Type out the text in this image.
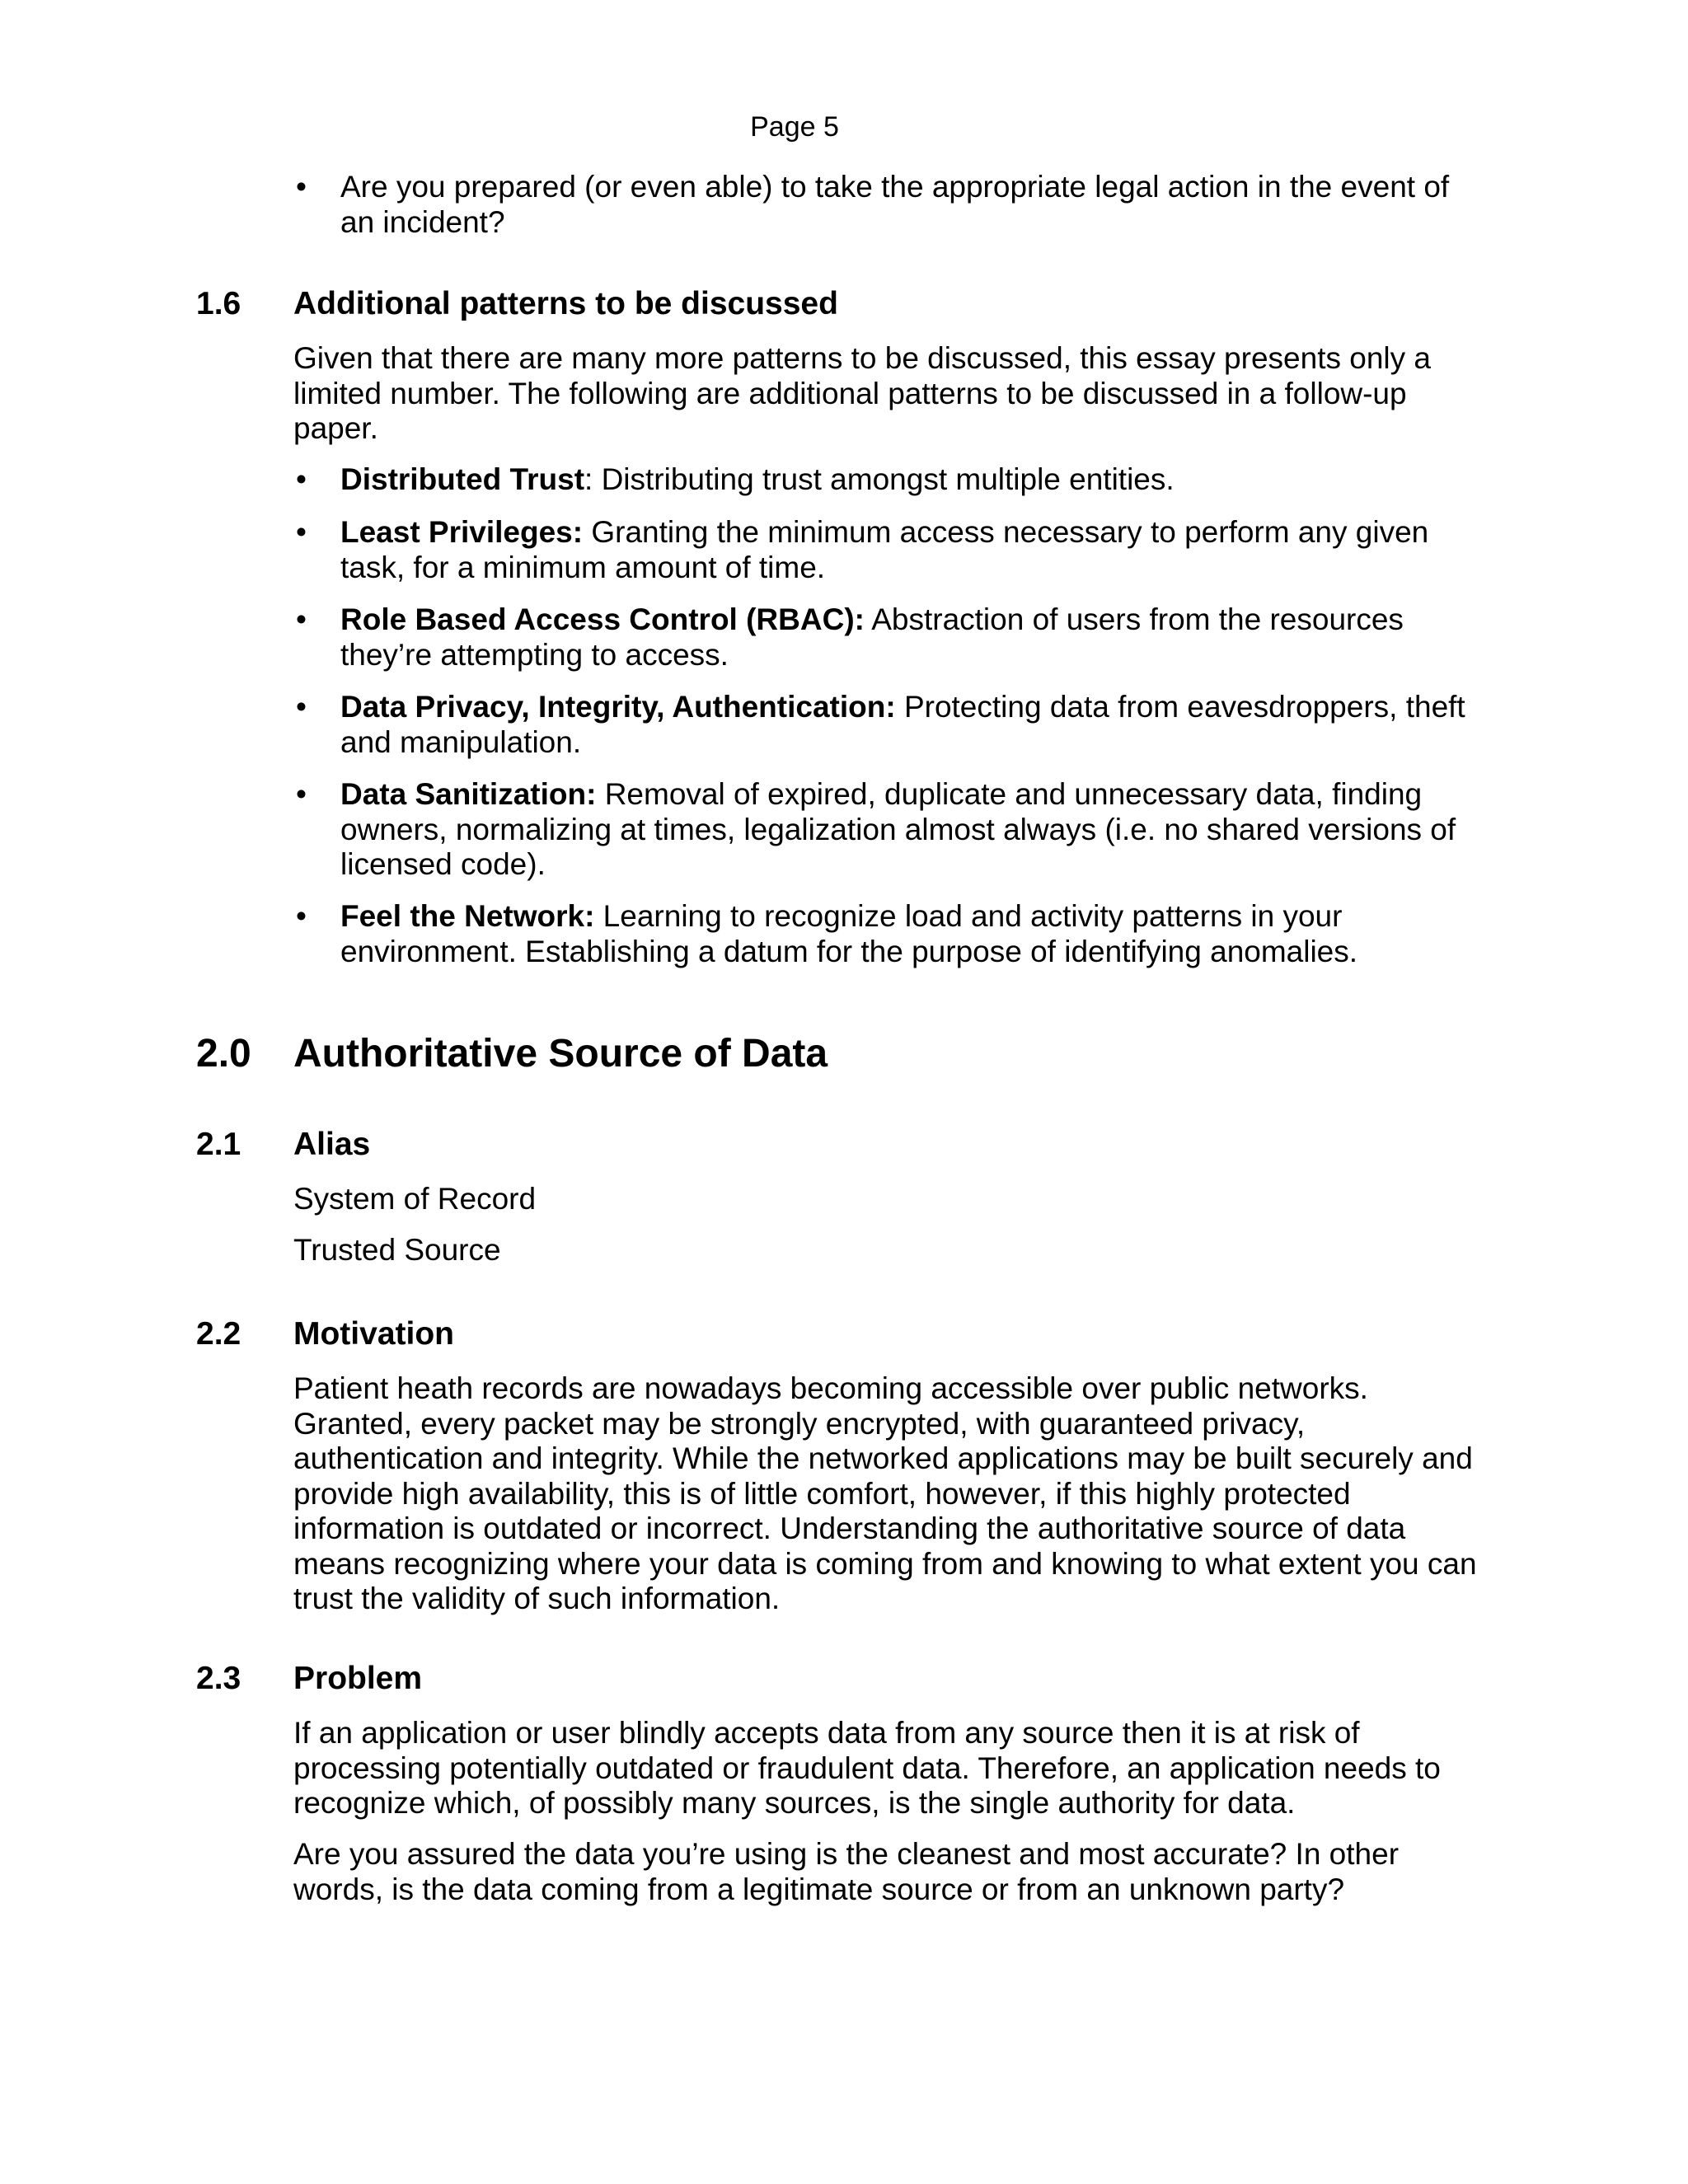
Page 5
• Are you prepared (or even able) to take the appropriate legal action in the event of an incident?
1.6 Additional patterns to be discussed
Given that there are many more patterns to be discussed, this essay presents only a limited number. The following are additional patterns to be discussed in a follow-up paper.
• Distributed Trust: Distributing trust amongst multiple entities.
• Least Privileges: Granting the minimum access necessary to perform any given task, for a minimum amount of time.
• Role Based Access Control (RBAC): Abstraction of users from the resources they’re attempting to access.
• Data Privacy, Integrity, Authentication: Protecting data from eavesdroppers, theft and manipulation.
• Data Sanitization: Removal of expired, duplicate and unnecessary data, finding owners, normalizing at times, legalization almost always (i.e. no shared versions of licensed code).
• Feel the Network: Learning to recognize load and activity patterns in your environment. Establishing a datum for the purpose of identifying anomalies.
2.0 Authoritative Source of Data
2.1 Alias
System of Record
Trusted Source
2.2 Motivation
Patient heath records are nowadays becoming accessible over public networks. Granted, every packet may be strongly encrypted, with guaranteed privacy, authentication and integrity. While the networked applications may be built securely and provide high availability, this is of little comfort, however, if this highly protected information is outdated or incorrect. Understanding the authoritative source of data means recognizing where your data is coming from and knowing to what extent you can trust the validity of such information.
2.3 Problem
If an application or user blindly accepts data from any source then it is at risk of processing potentially outdated or fraudulent data. Therefore, an application needs to recognize which, of possibly many sources, is the single authority for data.
Are you assured the data you’re using is the cleanest and most accurate? In other words, is the data coming from a legitimate source or from an unknown party?
